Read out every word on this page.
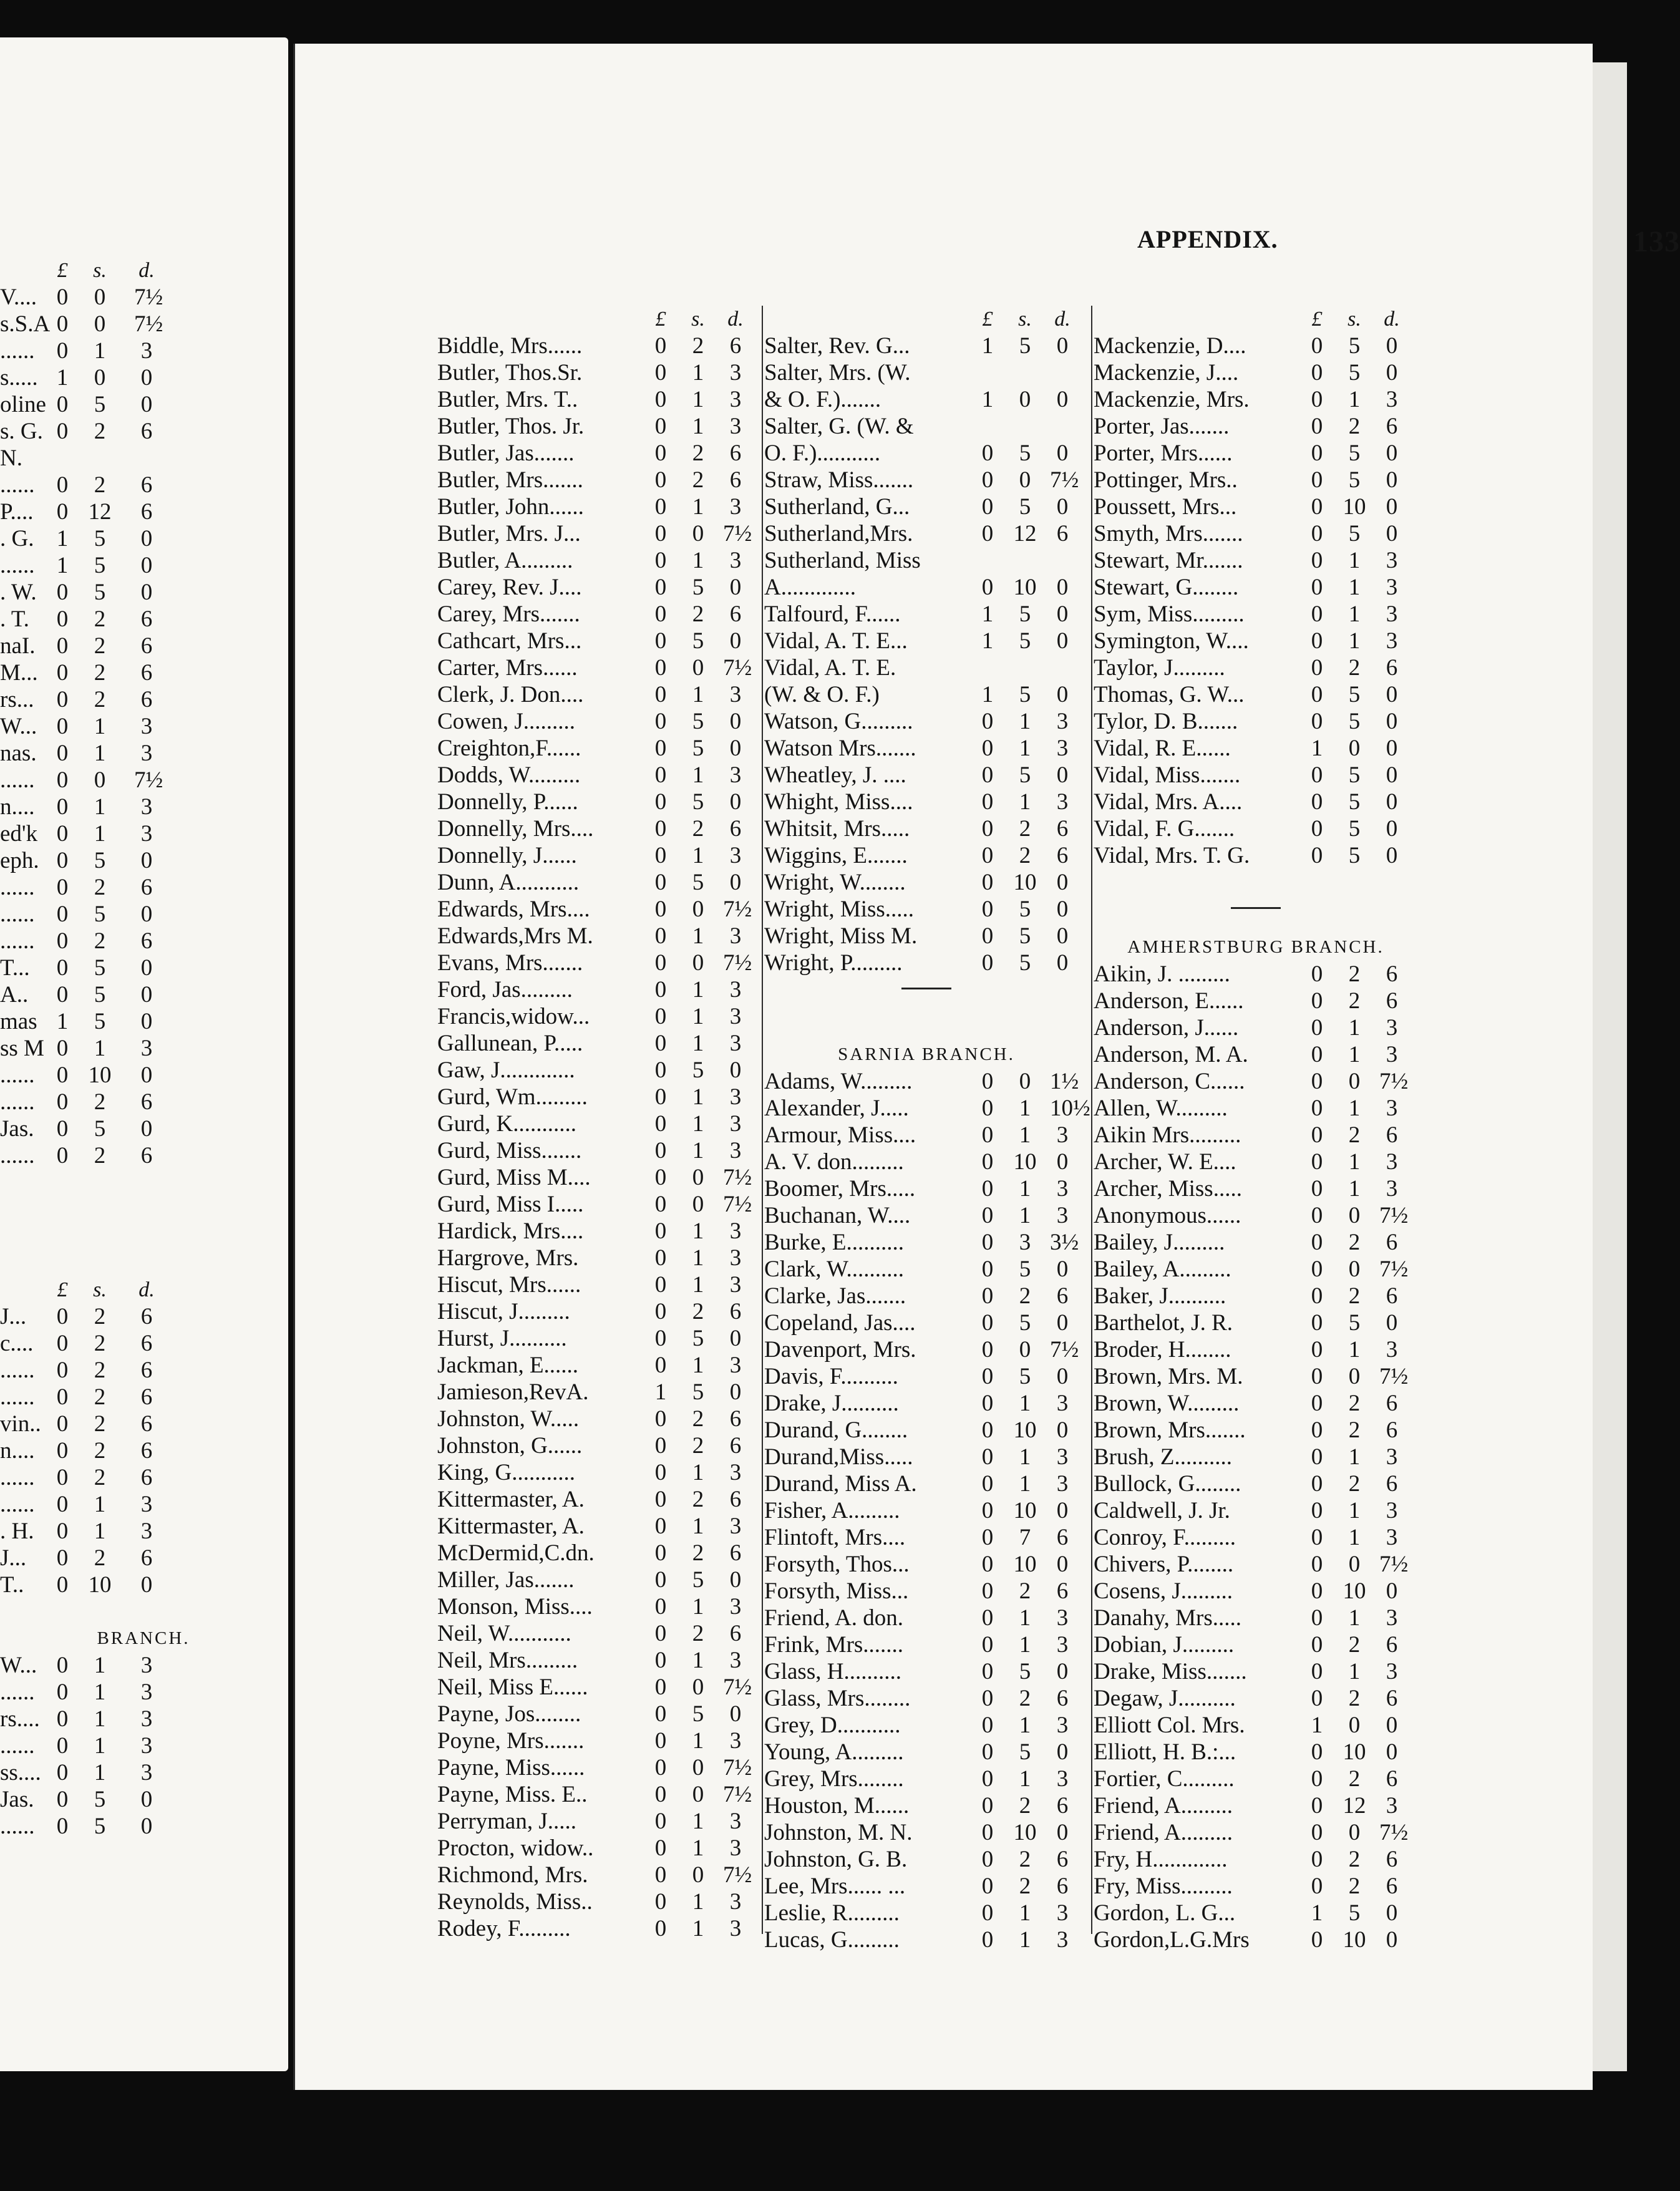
£	s. d.
V.... 0 0 7½
s.S.A 0 0 7½
...... 0 1 3
s..... 1 0 0
oline 0 5 0
s. G. 0 2 6
N.
...... 0 2 6
P.... 0 12 6
. G. 1 5 0
...... 1 5 0
. W. 0 5 0
. T. 0 2 6
naI. 0 2 6
M... 0 2 6
rs... 0 2 6
W... 0 1 3
nas. 0 1 3
...... 0 0 7½
n.... 0 1 3
ed'k 0 1 3
eph. 0 5 0
...... 0 2 6
...... 0 5 0
...... 0 2 6
T... 0 5 0
A.. 0 5 0
mas 1 5 0
ss M 0 1 3
...... 0 10 0
...... 0 2 6
Jas. 0 5 0
...... 0 2 6
£	s. d.
J... 0 2 6
c.... 0 2 6
...... 0 2 6
...... 0 2 6
vin.. 0 2 6
n.... 0 2 6
...... 0 2 6
...... 0 1 3
. H. 0 1 3
J... 0 2 6
T.. 0 10 0
BRANCH.
W... 0 1 3
...... 0 1 3
rs.... 0 1 3
...... 0 1 3
ss.... 0 1 3
Jas. 0 5 0
...... 0 5 0
APPENDIX.	133
£	s. d.
Biddle, Mrs......	0 2 6
Butler, Thos.Sr.	0 1 3
Butler, Mrs. T..	0 1 3
Butler, Thos. Jr.	0 1 3
Butler, Jas.......	0 2 6
Butler, Mrs.......	0 2 6
Butler, John......	0 1 3
Butler, Mrs. J...	0 0 7½
Butler, A.........	0 1 3
Carey, Rev. J....	0 5 0
Carey, Mrs.......	0 2 6
Cathcart, Mrs...	0 5 0
Carter, Mrs......	0 0 7½
Clerk, J. Don....	0 1 3
Cowen, J.........	0 5 0
Creighton,F......	0 5 0
Dodds, W.........	0 1 3
Donnelly, P......	0 5 0
Donnelly, Mrs....	0 2 6
Donnelly, J......	0 1 3
Dunn, A...........	0 5 0
Edwards, Mrs....	0 0 7½
Edwards,Mrs M.	0 1 3
Evans, Mrs.......	0 0 7½
Ford, Jas.........	0 1 3
Francis,widow...	0 1 3
Gallunean, P.....	0 1 3
Gaw, J.............	0 5 0
Gurd, Wm.........	0 1 3
Gurd, K...........	0 1 3
Gurd, Miss.......	0 1 3
Gurd, Miss M....	0 0 7½
Gurd, Miss I.....	0 0 7½
Hardick, Mrs....	0 1 3
Hargrove, Mrs.	0 1 3
Hiscut, Mrs......	0 1 3
Hiscut, J.........	0 2 6
Hurst, J..........	0 5 0
Jackman, E......	0 1 3
Jamieson,RevA.	1 5 0
Johnston, W.....	0 2 6
Johnston, G......	0 2 6
King, G...........	0 1 3
Kittermaster, A.	0 2 6
Kittermaster, A.	0 1 3
McDermid,C.dn.	0 2 6
Miller, Jas.......	0 5 0
Monson, Miss....	0 1 3
Neil, W...........	0 2 6
Neil, Mrs.........	0 1 3
Neil, Miss E......	0 0 7½
Payne, Jos........	0 5 0
Poyne, Mrs.......	0 1 3
Payne, Miss......	0 0 7½
Payne, Miss. E..	0 0 7½
Perryman, J.....	0 1 3
Procton, widow..	0 1 3
Richmond, Mrs.	0 0 7½
Reynolds, Miss..	0 1 3
Rodey, F.........	0 1 3
£	s. d.
Salter, Rev. G...	1 5 0
Salter, Mrs. (W.
& O. F.).......	1 0 0
Salter, G. (W. &
O. F.)...........	0 5 0
Straw, Miss.......	0 0 7½
Sutherland, G...	0 5 0
Sutherland,Mrs.	0 12 6
Sutherland, Miss
A.............	0 10 0
Talfourd, F......	1 5 0
Vidal, A. T. E...	1 5 0
Vidal, A. T. E.
(W. & O. F.)	1 5 0
Watson, G.........	0 1 3
Watson Mrs.......	0 1 3
Wheatley, J. ....	0 5 0
Whight, Miss....	0 1 3
Whitsit, Mrs.....	0 2 6
Wiggins, E.......	0 2 6
Wright, W........	0 10 0
Wright, Miss.....	0 5 0
Wright, Miss M.	0 5 0
Wright, P.........	0 5 0
SARNIA BRANCH.
Adams, W.........	0 0 1½
Alexander, J.....	0 1 10½
Armour, Miss....	0 1 3
A. V. don.........	0 10 0
Boomer, Mrs.....	0 1 3
Buchanan, W....	0 1 3
Burke, E..........	0 3 3½
Clark, W..........	0 5 0
Clarke, Jas.......	0 2 6
Copeland, Jas....	0 5 0
Davenport, Mrs.	0 0 7½
Davis, F..........	0 5 0
Drake, J..........	0 1 3
Durand, G........	0 10 0
Durand,Miss.....	0 1 3
Durand, Miss A.	0 1 3
Fisher, A.........	0 10 0
Flintoft, Mrs....	0 7 6
Forsyth, Thos...	0 10 0
Forsyth, Miss...	0 2 6
Friend, A. don.	0 1 3
Frink, Mrs.......	0 1 3
Glass, H..........	0 5 0
Glass, Mrs........	0 2 6
Grey, D...........	0 1 3
Young, A.........	0 5 0
Grey, Mrs........	0 1 3
Houston, M......	0 2 6
Johnston, M. N.	0 10 0
Johnston, G. B.	0 2 6
Lee, Mrs...... ...	0 2 6
Leslie, R.........	0 1 3
Lucas, G.........	0 1 3
£	s. d.
Mackenzie, D....	0 5 0
Mackenzie, J....	0 5 0
Mackenzie, Mrs.	0 1 3
Porter, Jas.......	0 2 6
Porter, Mrs......	0 5 0
Pottinger, Mrs..	0 5 0
Poussett, Mrs...	0 10 0
Smyth, Mrs.......	0 5 0
Stewart, Mr.......	0 1 3
Stewart, G........	0 1 3
Sym, Miss.........	0 1 3
Symington, W....	0 1 3
Taylor, J.........	0 2 6
Thomas, G. W...	0 5 0
Tylor, D. B.......	0 5 0
Vidal, R. E......	1 0 0
Vidal, Miss.......	0 5 0
Vidal, Mrs. A....	0 5 0
Vidal, F. G.......	0 5 0
Vidal, Mrs. T. G.	0 5 0
AMHERSTBURG BRANCH.
Aikin, J. .........	0 2 6
Anderson, E......	0 2 6
Anderson, J......	0 1 3
Anderson, M. A.	0 1 3
Anderson, C......	0 0 7½
Allen, W.........	0 1 3
Aikin Mrs.........	0 2 6
Archer, W. E....	0 1 3
Archer, Miss.....	0 1 3
Anonymous......	0 0 7½
Bailey, J.........	0 2 6
Bailey, A.........	0 0 7½
Baker, J..........	0 2 6
Barthelot, J. R.	0 5 0
Broder, H........	0 1 3
Brown, Mrs. M.	0 0 7½
Brown, W.........	0 2 6
Brown, Mrs.......	0 2 6
Brush, Z..........	0 1 3
Bullock, G........	0 2 6
Caldwell, J. Jr.	0 1 3
Conroy, F.........	0 1 3
Chivers, P........	0 0 7½
Cosens, J.........	0 10 0
Danahy, Mrs.....	0 1 3
Dobian, J.........	0 2 6
Drake, Miss.......	0 1 3
Degaw, J..........	0 2 6
Elliott Col. Mrs.	1 0 0
Elliott, H. B.:...	0 10 0
Fortier, C.........	0 2 6
Friend, A.........	0 12 3
Friend, A.........	0 0 7½
Fry, H.............	0 2 6
Fry, Miss.........	0 2 6
Gordon, L. G...	1 5 0
Gordon,L.G.Mrs	0 10 0
